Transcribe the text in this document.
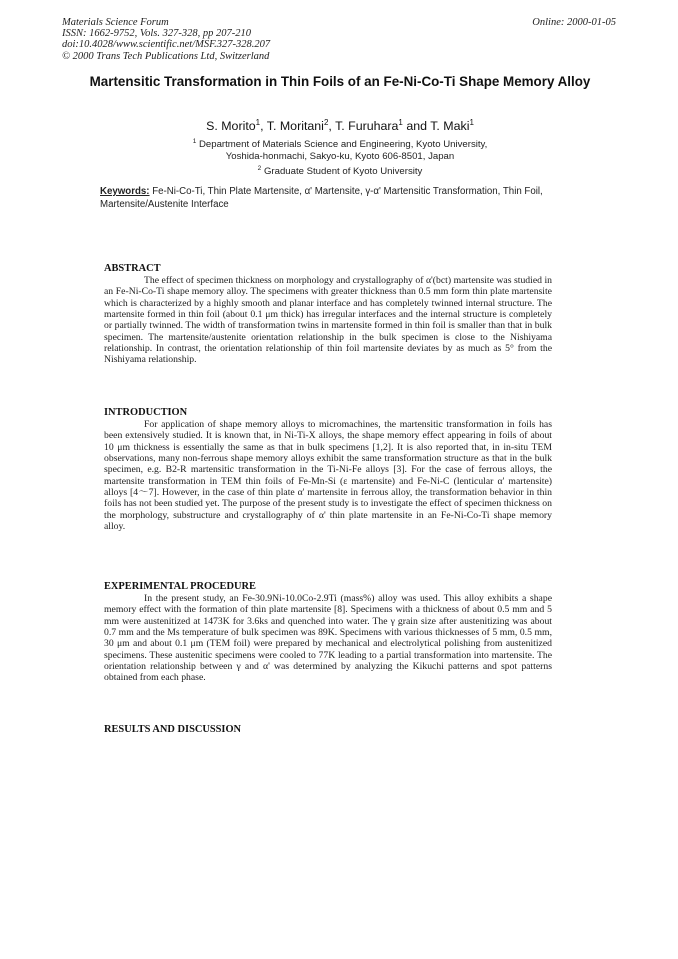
Materials Science Forum
ISSN: 1662-9752, Vols. 327-328, pp 207-210
doi:10.4028/www.scientific.net/MSF.327-328.207
© 2000 Trans Tech Publications Ltd, Switzerland
Online: 2000-01-05
Martensitic Transformation in Thin Foils of an Fe-Ni-Co-Ti Shape Memory Alloy
S. Morito$^1$, T. Moritani$^2$, T. Furuhara$^1$ and T. Maki$^1$
$^1$ Department of Materials Science and Engineering, Kyoto University,
Yoshida-honmachi, Sakyo-ku, Kyoto 606-8501, Japan
$^2$ Graduate Student of Kyoto University
Keywords: Fe-Ni-Co-Ti, Thin Plate Martensite, α' Martensite, γ-α' Martensitic Transformation, Thin Foil, Martensite/Austenite Interface
ABSTRACT

The effect of specimen thickness on morphology and crystallography of α'(bct) martensite was studied in an Fe-Ni-Co-Ti shape memory alloy. The specimens with greater thickness than 0.5 mm form thin plate martensite which is characterized by a highly smooth and planar interface and has completely twinned internal structure. The martensite formed in thin foil (about 0.1 μm thick) has irregular interfaces and the internal structure is completely or partially twinned. The width of transformation twins in martensite formed in thin foil is smaller than that in bulk specimen. The martensite/austenite orientation relationship in the bulk specimen is close to the Nishiyama relationship. In contrast, the orientation relationship of thin foil martensite deviates by as much as 5° from the Nishiyama relationship.

INTRODUCTION

For application of shape memory alloys to micromachines, the martensitic transformation in foils has been extensively studied. It is known that, in Ni-Ti-X alloys, the shape memory effect appearing in foils of about 10 μm thickness is essentially the same as that in bulk specimens [1,2]. It is also reported that, in in-situ TEM observations, many non-ferrous shape memory alloys exhibit the same transformation structure as that in the bulk specimen, e.g. B2-R martensitic transformation in the Ti-Ni-Fe alloys [3]. For the case of ferrous alloys, the martensite transformation in TEM thin foils of Fe-Mn-Si (ε martensite) and Fe-Ni-C (lenticular α' martensite) alloys [4～7]. However, in the case of thin plate α' martensite in ferrous alloy, the transformation behavior in thin foils has not been studied yet. The purpose of the present study is to investigate the effect of specimen thickness on the morphology, substructure and crystallography of α' thin plate martensite in an Fe-Ni-Co-Ti shape memory alloy.

EXPERIMENTAL PROCEDURE

In the present study, an Fe-30.9Ni-10.0Co-2.9Ti (mass%) alloy was used. This alloy exhibits a shape memory effect with the formation of thin plate martensite [8]. Specimens with a thickness of about 0.5 mm and 5 mm were austenitized at 1473K for 3.6ks and quenched into water. The γ grain size after austenitizing was about 0.7 mm and the Ms temperature of bulk specimen was 89K. Specimens with various thicknesses of 5 mm, 0.5 mm, 30 μm and about 0.1 μm (TEM foil) were prepared by mechanical and electrolytical polishing from austenitized specimens. These austenitic specimens were cooled to 77K leading to a partial transformation into martensite. The orientation relationship between γ and α' was determined by analyzing the Kikuchi patterns and spot patterns obtained from each phase.

RESULTS AND DISCUSSION
